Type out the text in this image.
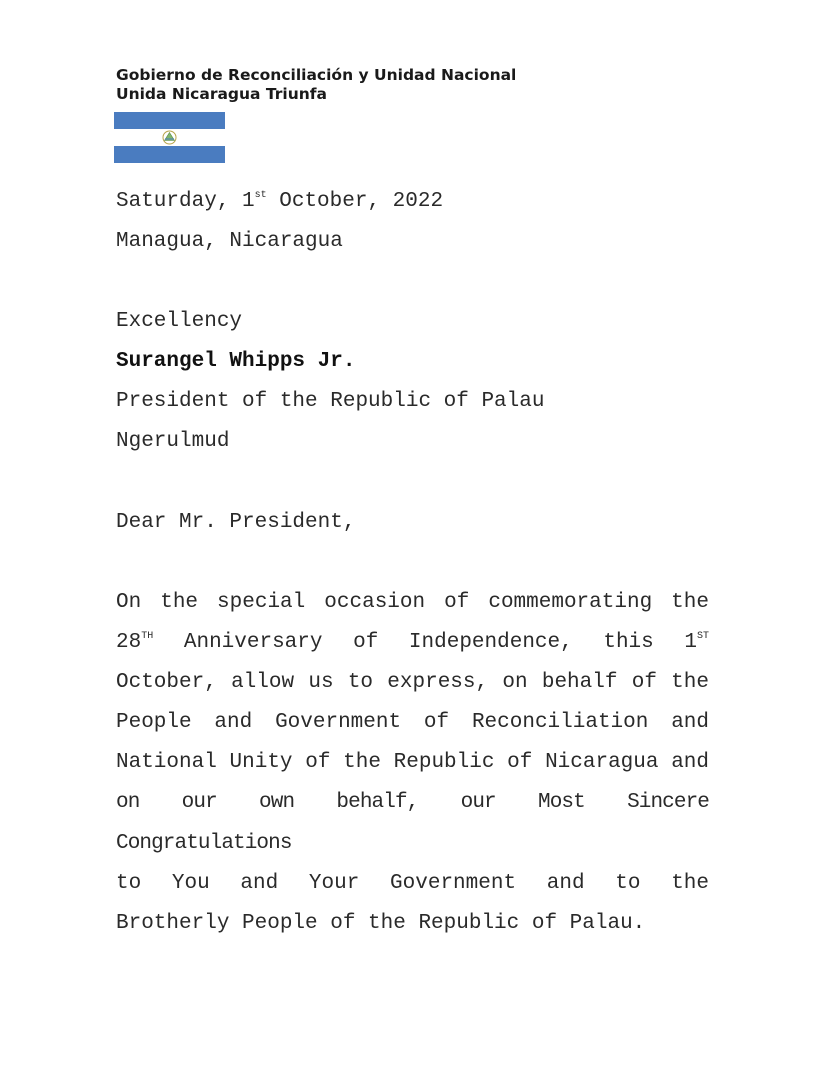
Gobierno de Reconciliación y Unidad Nacional
Unida Nicaragua Triunfa
Saturday, 1st October, 2022
Managua, Nicaragua
Excellency
Surangel Whipps Jr.
President of the Republic of Palau
Ngerulmud
Dear Mr. President,
On the special occasion of commemorating the
28TH Anniversary of Independence, this 1ST
October, allow us to express, on behalf of the
People and Government of Reconciliation and
National Unity of the Republic of Nicaragua and
on our own behalf, our Most Sincere Congratulations
to You and Your Government and to the
Brotherly People of the Republic of Palau.
